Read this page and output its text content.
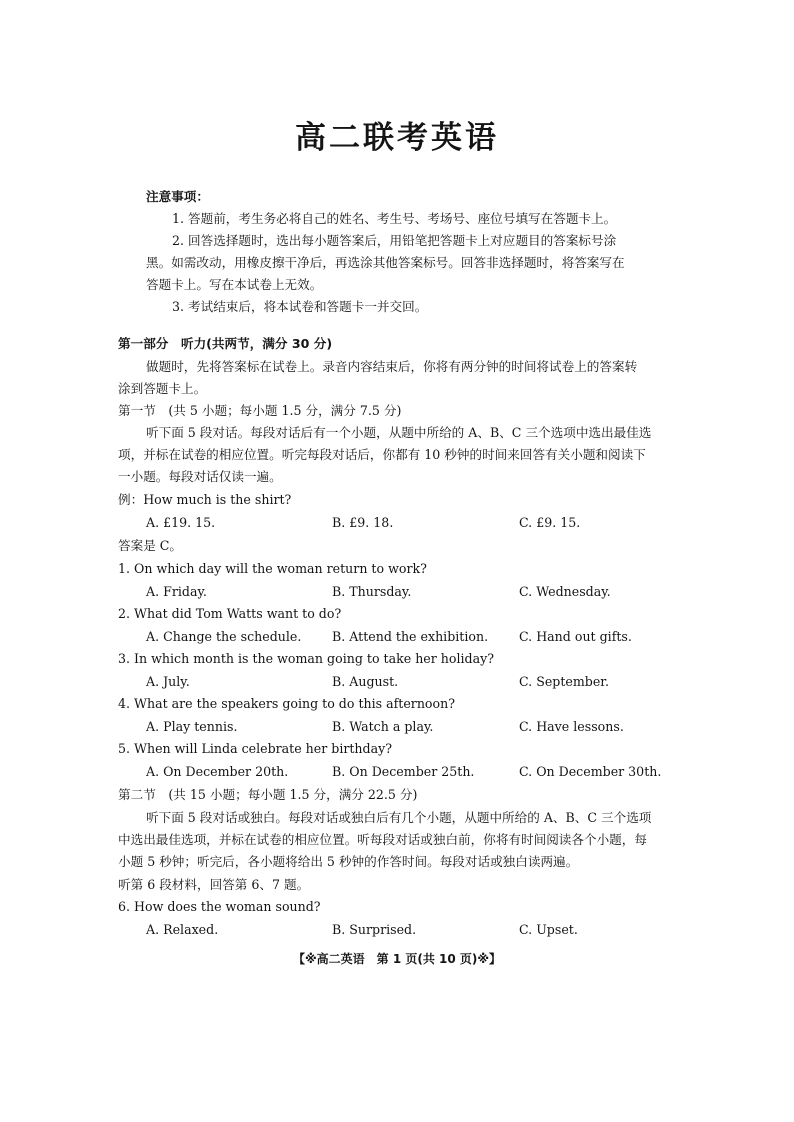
高二联考英语
注意事项：
1. 答题前，考生务必将自己的姓名、考生号、考场号、座位号填写在答题卡上。
2. 回答选择题时，选出每小题答案后，用铅笔把答题卡上对应题目的答案标号涂
黑。如需改动，用橡皮擦干净后，再选涂其他答案标号。回答非选择题时，将答案写在
答题卡上。写在本试卷上无效。
3. 考试结束后，将本试卷和答题卡一并交回。
第一部分　听力(共两节，满分 30 分)
做题时，先将答案标在试卷上。录音内容结束后，你将有两分钟的时间将试卷上的答案转
涂到答题卡上。
第一节　(共 5 小题；每小题 1.5 分，满分 7.5 分)
听下面 5 段对话。每段对话后有一个小题，从题中所给的 A、B、C 三个选项中选出最佳选
项，并标在试卷的相应位置。听完每段对话后，你都有 10 秒钟的时间来回答有关小题和阅读下
一小题。每段对话仅读一遍。
例：How much is the shirt?
A. £19. 15.	B. £9. 18.	C. £9. 15.
答案是 C。
1. On which day will the woman return to work?
A. Friday.	B. Thursday.	C. Wednesday.
2. What did Tom Watts want to do?
A. Change the schedule. B. Attend the exhibition. C. Hand out gifts.
3. In which month is the woman going to take her holiday?
A. July.	B. August.	C. September.
4. What are the speakers going to do this afternoon?
A. Play tennis.	B. Watch a play.	C. Have lessons.
5. When will Linda celebrate her birthday?
A. On December 20th.	B. On December 25th.	C. On December 30th.
第二节　(共 15 小题；每小题 1.5 分，满分 22.5 分)
听下面 5 段对话或独白。每段对话或独白后有几个小题，从题中所给的 A、B、C 三个选项
中选出最佳选项，并标在试卷的相应位置。听每段对话或独白前，你将有时间阅读各个小题，每
小题 5 秒钟；听完后，各小题将给出 5 秒钟的作答时间。每段对话或独白读两遍。
听第 6 段材料，回答第 6、7 题。
6. How does the woman sound?
A. Relaxed.	B. Surprised.	C. Upset.
【※高二英语　第 1 页(共 10 页)※】
